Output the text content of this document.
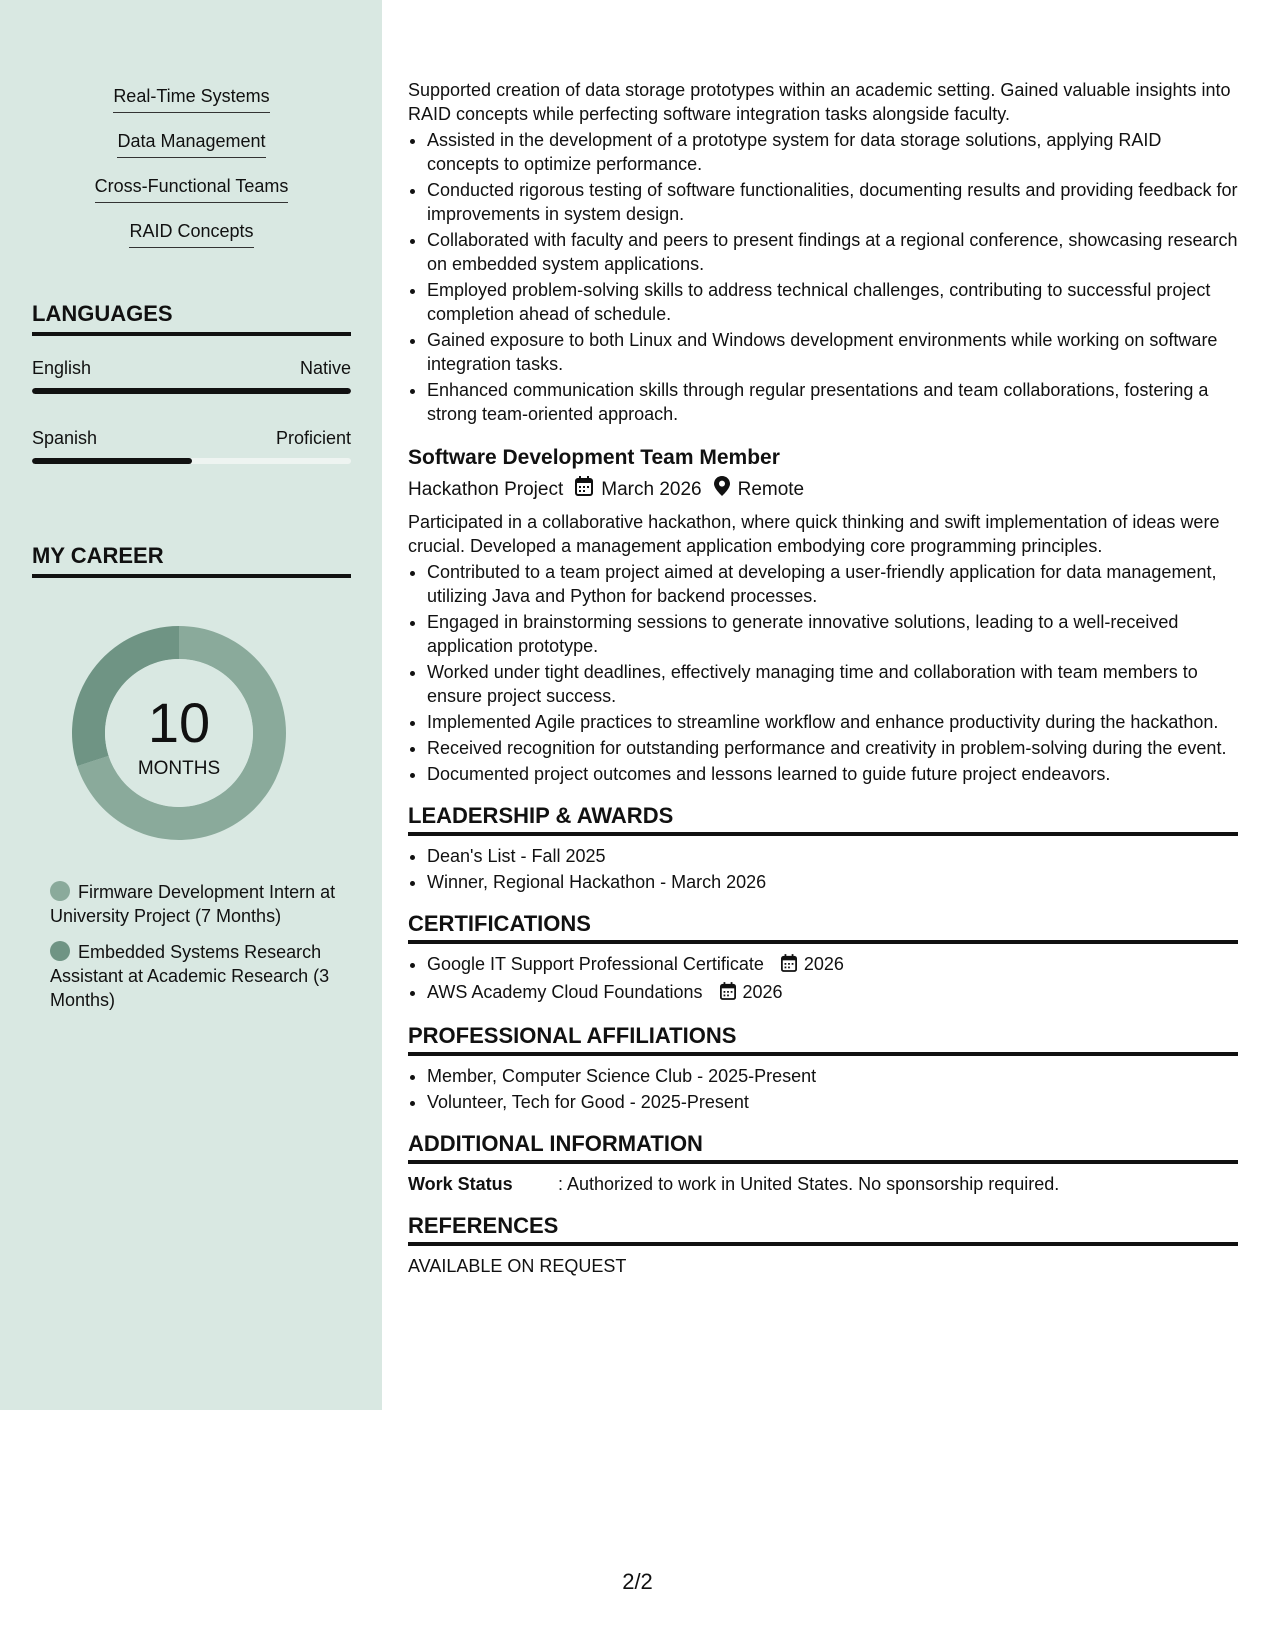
Real-Time Systems
Data Management
Cross-Functional Teams
RAID Concepts
LANGUAGES
English	Native
Spanish	Proficient
MY CAREER
10
MONTHS
Firmware Development Intern at University Project (7 Months)
Embedded Systems Research Assistant at Academic Research (3 Months)

Supported creation of data storage prototypes within an academic setting. Gained valuable insights into RAID concepts while perfecting software integration tasks alongside faculty.

• Assisted in the development of a prototype system for data storage solutions, applying RAID concepts to optimize performance.
• Conducted rigorous testing of software functionalities, documenting results and providing feedback for improvements in system design.
• Collaborated with faculty and peers to present findings at a regional conference, showcasing research on embedded system applications.
• Employed problem-solving skills to address technical challenges, contributing to successful project completion ahead of schedule.
• Gained exposure to both Linux and Windows development environments while working on software integration tasks.
• Enhanced communication skills through regular presentations and team collaborations, fostering a strong team-oriented approach.
Software Development Team Member
Hackathon Project March 2026 Remote

Participated in a collaborative hackathon, where quick thinking and swift implementation of ideas were crucial. Developed a management application embodying core programming principles.

• Contributed to a team project aimed at developing a user-friendly application for data management, utilizing Java and Python for backend processes.
• Engaged in brainstorming sessions to generate innovative solutions, leading to a well-received application prototype.
• Worked under tight deadlines, effectively managing time and collaboration with team members to ensure project success.
• Implemented Agile practices to streamline workflow and enhance productivity during the hackathon.
• Received recognition for outstanding performance and creativity in problem-solving during the event.
• Documented project outcomes and lessons learned to guide future project endeavors.
LEADERSHIP & AWARDS
• Dean's List - Fall 2025
• Winner, Regional Hackathon - March 2026
CERTIFICATIONS
• Google IT Support Professional Certificate 2026
• AWS Academy Cloud Foundations 2026
PROFESSIONAL AFFILIATIONS
• Member, Computer Science Club - 2025-Present
• Volunteer, Tech for Good - 2025-Present
ADDITIONAL INFORMATION

Work Status	: Authorized to work in United States. No sponsorship required.

REFERENCES

AVAILABLE ON REQUEST

2/2
